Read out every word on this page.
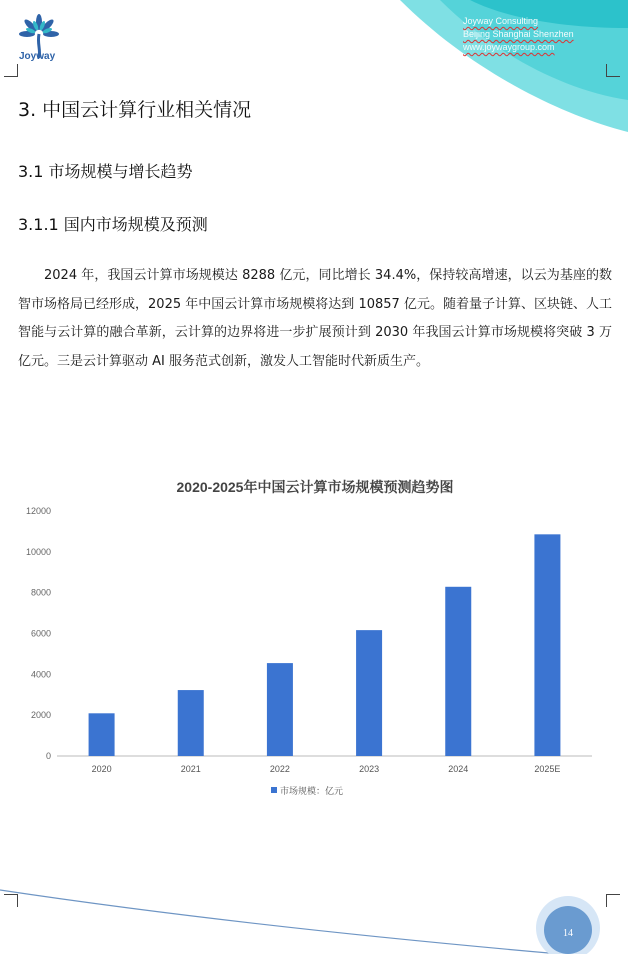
Joyway
Joyway Consulting
Beijing Shanghai Shenzhen
www.joywaygroup.com
3. 中国云计算行业相关情况
3.1 市场规模与增长趋势
3.1.1 国内市场规模及预测

2024 年，我国云计算市场规模达 8288 亿元，同比增长 34.4%，保持较高增速，以云为基座的数智市场格局已经形成，2025 年中国云计算市场规模将达到 10857 亿元。随着量子计算、区块链、人工智能与云计算的融合革新，云计算的边界将进一步扩展预计到 2030 年我国云计算市场规模将突破 3 万亿元。三是云计算驱动 AI 服务范式创新，激发人工智能时代新质生产。

2020-2025年中国云计算市场规模预测趋势图
0
2000
4000
6000
8000
10000
12000
2020	2021	2022	2023	2024	2025E
市场规模：亿元
14
